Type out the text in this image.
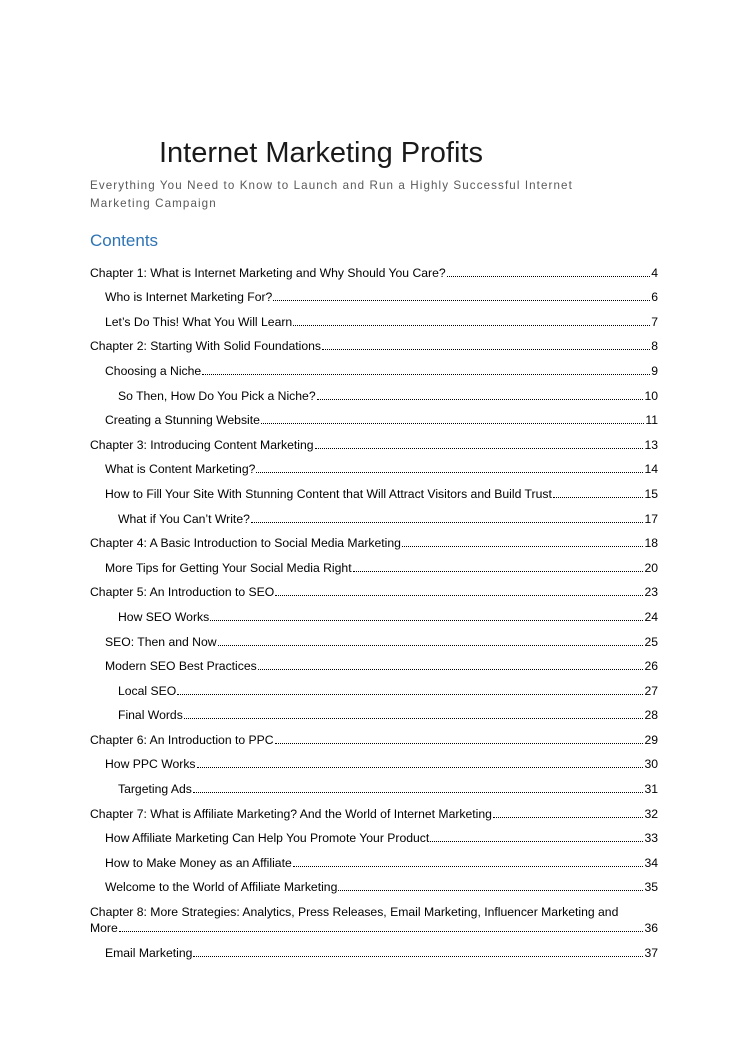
Internet Marketing Profits
Everything You Need to Know to Launch and Run a Highly Successful Internet Marketing Campaign
Contents
Chapter 1: What is Internet Marketing and Why Should You Care?	4
Who is Internet Marketing For?	6
Let’s Do This! What You Will Learn	7
Chapter 2: Starting With Solid Foundations	8
Choosing a Niche	9
So Then, How Do You Pick a Niche?	10
Creating a Stunning Website	11
Chapter 3: Introducing Content Marketing	13
What is Content Marketing?	14
How to Fill Your Site With Stunning Content that Will Attract Visitors and Build Trust	15
What if You Can’t Write?	17
Chapter 4: A Basic Introduction to Social Media Marketing	18
More Tips for Getting Your Social Media Right	20
Chapter 5: An Introduction to SEO	23
How SEO Works	24
SEO: Then and Now	25
Modern SEO Best Practices	26
Local SEO	27
Final Words	28
Chapter 6: An Introduction to PPC	29
How PPC Works	30
Targeting Ads	31
Chapter 7: What is Affiliate Marketing? And the World of Internet Marketing	32
How Affiliate Marketing Can Help You Promote Your Product	33
How to Make Money as an Affiliate	34
Welcome to the World of Affiliate Marketing	35
Chapter 8: More Strategies: Analytics, Press Releases, Email Marketing, Influencer Marketing and
More	36
Email Marketing	37
